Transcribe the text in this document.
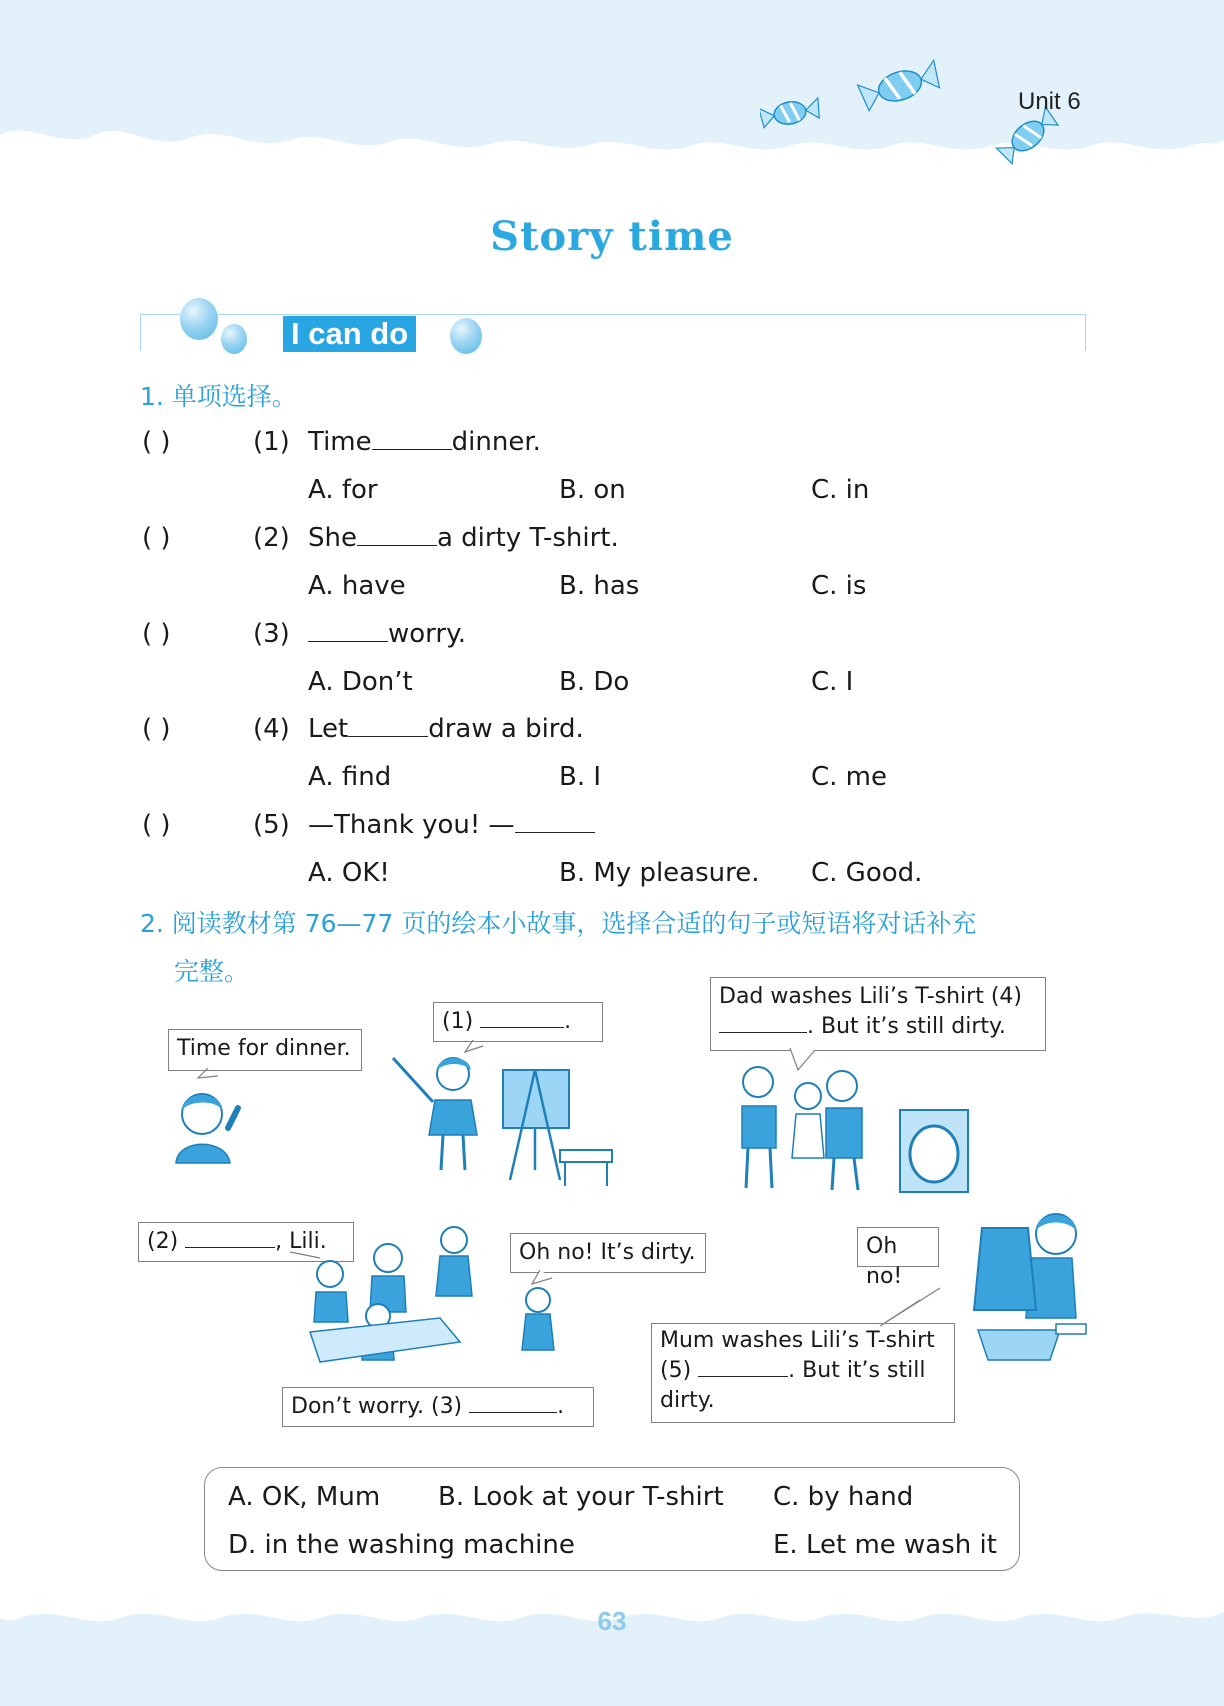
Unit 6
Story time
I can do
1. 单项选择。
( )	(1) Time	dinner.
A. for	B. on	C. in
( )	(2) She	a dirty T-shirt.
A. have	B. has	C. is
( )	(3)	worry.
A. Don’t	B. Do	C. I
( )	(4) Let	draw a bird.
A. find	B. I	C. me
( )	(5) —Thank you! —
A. OK!	B. My pleasure. C. Good.
2. 阅读教材第 76—77 页的绘本小故事，选择合适的句子或短语将对话补充
完整。
Time for dinner.
(1)	.
Dad washes Lili’s T-shirt (4)
. But it’s still dirty.
(2)	, Lili.	Oh no! It’s dirty.
Don’t worry. (3)	.
Oh no!
Mum washes Lili’s T-shirt
(5)	. But it’s still
dirty.
A. OK, Mum B. Look at your T-shirt C. by hand
D. in the washing machine	E. Let me wash it
63
